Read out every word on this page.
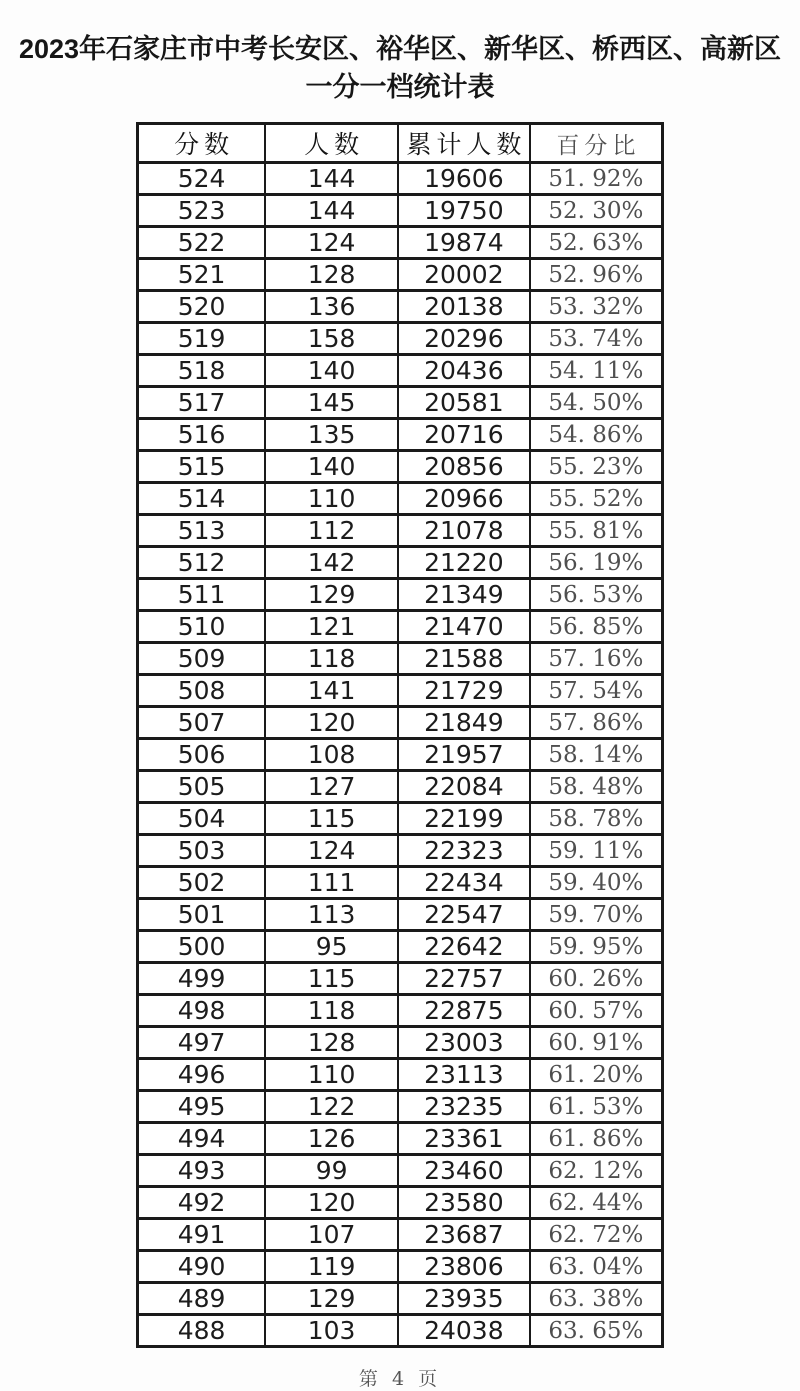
2023年石家庄市中考长安区、裕华区、新华区、桥西区、高新区
一分一档统计表
分数	人数	累计人数	百分比
524	144	19606	51. 92%
523	144	19750	52. 30%
522	124	19874	52. 63%
521	128	20002	52. 96%
520	136	20138	53. 32%
519	158	20296	53. 74%
518	140	20436	54. 11%
517	145	20581	54. 50%
516	135	20716	54. 86%
515	140	20856	55. 23%
514	110	20966	55. 52%
513	112	21078	55. 81%
512	142	21220	56. 19%
511	129	21349	56. 53%
510	121	21470	56. 85%
509	118	21588	57. 16%
508	141	21729	57. 54%
507	120	21849	57. 86%
506	108	21957	58. 14%
505	127	22084	58. 48%
504	115	22199	58. 78%
503	124	22323	59. 11%
502	111	22434	59. 40%
501	113	22547	59. 70%
500	95	22642	59. 95%
499	115	22757	60. 26%
498	118	22875	60. 57%
497	128	23003	60. 91%
496	110	23113	61. 20%
495	122	23235	61. 53%
494	126	23361	61. 86%
493	99	23460	62. 12%
492	120	23580	62. 44%
491	107	23687	62. 72%
490	119	23806	63. 04%
489	129	23935	63. 38%
488	103	24038	63. 65%
第 4 页
